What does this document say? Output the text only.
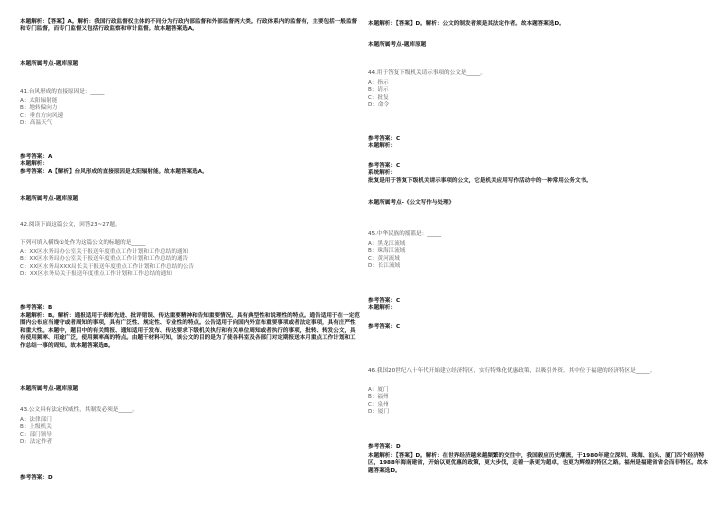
本题解析：【答案】A。解析：我国行政监督权主体的不同分为行政内部监督和外部监督两大类。行政体系内的监督有，主要包括一般监督和专门监督，而专门监督又包括行政监察和审计监督。故本题答案选A。
本题所属考点-题库原题
41.台风形成的直接原因是：_____
A：太阳辐射能
B：地转偏向力
C：垂直方向风速
D：高温天气
参考答案：A
本题解析：
参考答案：A【解析】台风形成的直接原因是太阳辐射能。故本题答案选A。
本题所属考点-题库原题
42.阅读下面这篇公文，回答23~27题。
下列可填入横线①处作为这篇公文的标题的是_____
A：XX区水务局办公室关于报送年度重点工作计划和工作总结的通知
B：XX区水务局办公室关于报送年度重点工作计划和工作总结的通告
C：XX区水务局XXX局长关于报送年度重点工作计划和工作总结的公告
D：XX区水务局关于报送年度重点工作计划和工作总结的通知
参考答案：B
本题解析：B。解析：通报适用于表彰先进、批评错误、传达重要精神和告知重要情况。具有典型性和说理性的特点。通告适用于在一定范围内公布应当遵守或者周知的事项，具有广泛性、规定性、专业性的特点。公告适用于向国内外宣布重要事项或者法定事项，具有庄严性和重大性。本题中，题目中的有关简报、通知适用于发布、传达要求下级机关执行和有关单位周知或者执行的事项，批转、转发公文，具有使用频率、用途广泛，使用频率高的特点。由题干材料可知，该公文的目的是为了使各科室及各部门对定期报送本月重点工作计划和工作总结一事的周知。故本题答案选B。
本题所属考点-题库原题
43.公文具有法定权威性，其制发必须是_____。
A：法律部门
B：上级机关
C：部门领导
D：法定作者
参考答案：D
本题解析：【答案】D。解析：公文的制发者须是其法定作者。故本题答案选D。
本题所属考点-题库原题
44.用于答复下级机关请示事项的公文是_____。
A：指示
B：请示
C：批复
D：命令
参考答案：C
本题解析：
参考答案：C
系统解析：
批复是用于答复下级机关请示事项的公文，它是机关应用写作活动中的一种常用公务文书。
本题所属考点-《公文写作与处理》
45.中华民族的摇篮是：_____
A：黑龙江流域
B：珠海江流域
C：黄河流域
D：长江流域
参考答案：C
本题解析：
参考答案：C
46.我国20世纪八十年代开始建立经济特区，实行特殊化优惠政策，以吸引外资。其中位于福建的经济特区是_____。
A：厦门
B：福州
C：泉州
D：厦门
参考答案：D
本题解析：【答案】D。解析：在世界经济越来越频繁的交往中，我国毅应历史潮流，于1980年建立深圳、珠海、汕头、厦门四个经济特区，1988年海南建省，开始以更优惠的政策，更大步伐，走着一条更为超卓，也更为辉煌的特区之路。福州是福建省省会而非特区。故本题答案选D。
